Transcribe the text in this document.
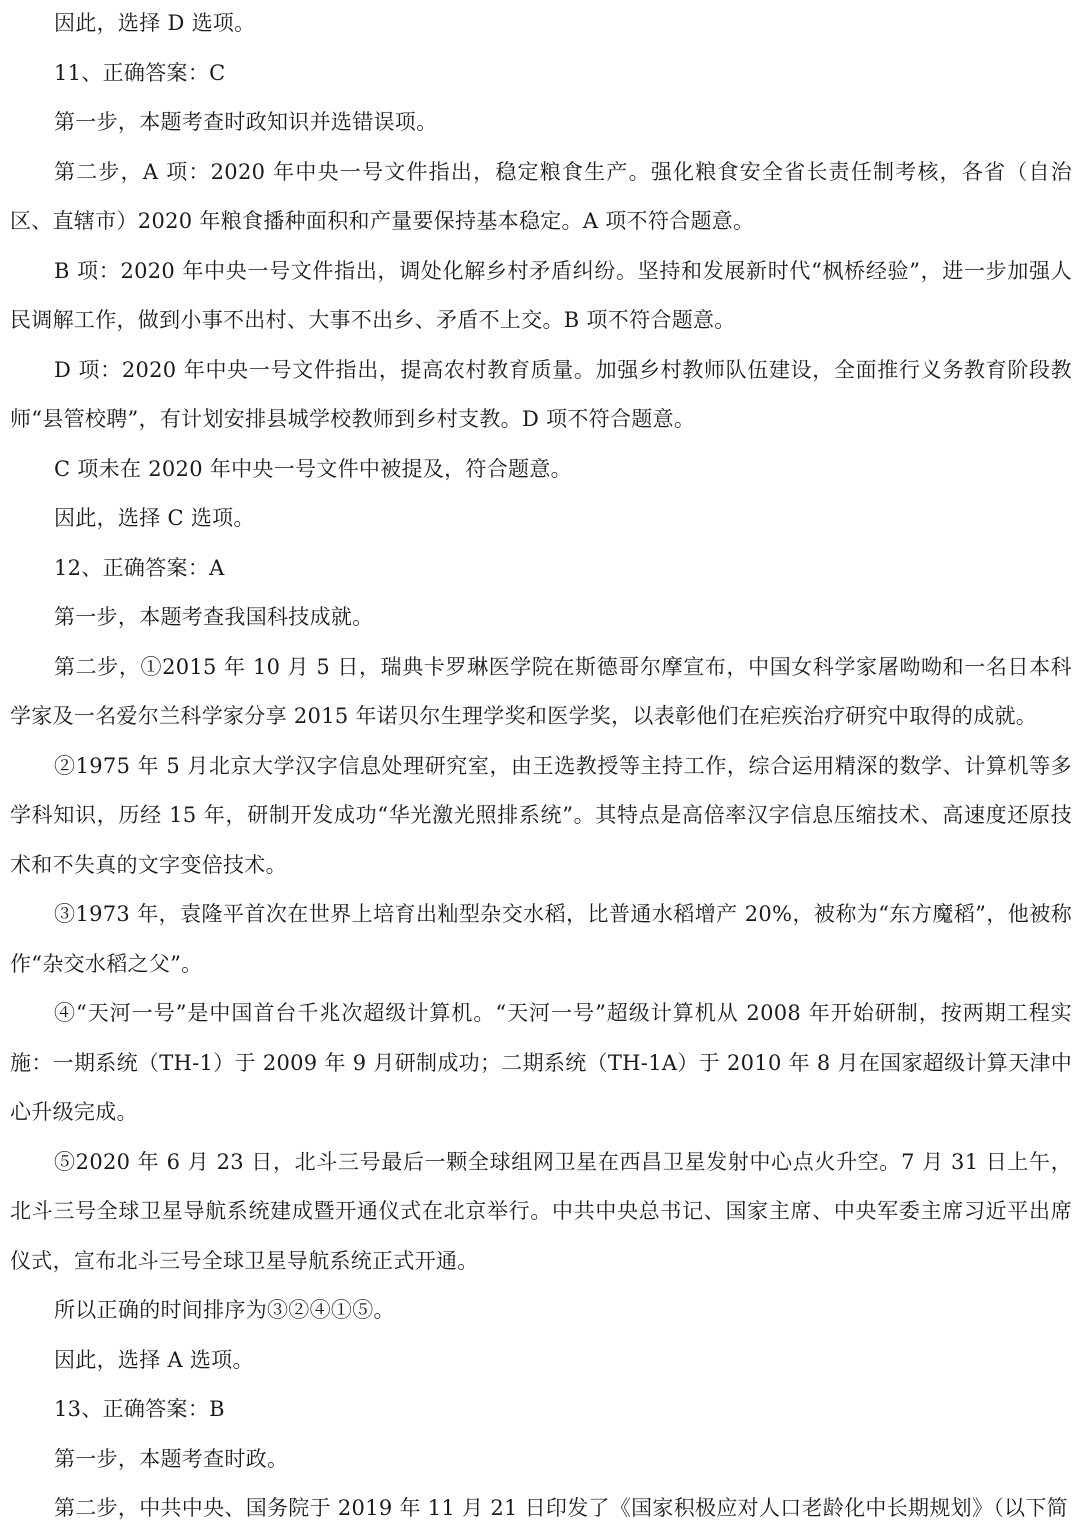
因此，选择 D 选项。

11、正确答案：C

第一步，本题考查时政知识并选错误项。

第二步，A 项：2020 年中央一号文件指出，稳定粮食生产。强化粮食安全省长责任制考核，各省（自治区、直辖市）2020 年粮食播种面积和产量要保持基本稳定。A 项不符合题意。

B 项：2020 年中央一号文件指出，调处化解乡村矛盾纠纷。坚持和发展新时代“枫桥经验”，进一步加强人民调解工作，做到小事不出村、大事不出乡、矛盾不上交。B 项不符合题意。

D 项：2020 年中央一号文件指出，提高农村教育质量。加强乡村教师队伍建设，全面推行义务教育阶段教师“县管校聘”，有计划安排县城学校教师到乡村支教。D 项不符合题意。

C 项未在 2020 年中央一号文件中被提及，符合题意。

因此，选择 C 选项。

12、正确答案：A

第一步，本题考查我国科技成就。

第二步，①2015 年 10 月 5 日，瑞典卡罗琳医学院在斯德哥尔摩宣布，中国女科学家屠呦呦和一名日本科学家及一名爱尔兰科学家分享 2015 年诺贝尔生理学奖和医学奖，以表彰他们在疟疾治疗研究中取得的成就。

②1975 年 5 月北京大学汉字信息处理研究室，由王选教授等主持工作，综合运用精深的数学、计算机等多学科知识，历经 15 年，研制开发成功“华光激光照排系统”。其特点是高倍率汉字信息压缩技术、高速度还原技术和不失真的文字变倍技术。

③1973 年，袁隆平首次在世界上培育出籼型杂交水稻，比普通水稻增产 20%，被称为“东方魔稻”，他被称作“杂交水稻之父”。

④“天河一号”是中国首台千兆次超级计算机。“天河一号”超级计算机从 2008 年开始研制，按两期工程实施：一期系统（TH-1）于 2009 年 9 月研制成功；二期系统（TH-1A）于 2010 年 8 月在国家超级计算天津中心升级完成。

⑤2020 年 6 月 23 日，北斗三号最后一颗全球组网卫星在西昌卫星发射中心点火升空。7 月 31 日上午，北斗三号全球卫星导航系统建成暨开通仪式在北京举行。中共中央总书记、国家主席、中央军委主席习近平出席仪式，宣布北斗三号全球卫星导航系统正式开通。

所以正确的时间排序为③②④①⑤。

因此，选择 A 选项。

13、正确答案：B

第一步，本题考查时政。

第二步，中共中央、国务院于 2019 年 11 月 21 日印发了《国家积极应对人口老龄化中长期规划》（以下简
